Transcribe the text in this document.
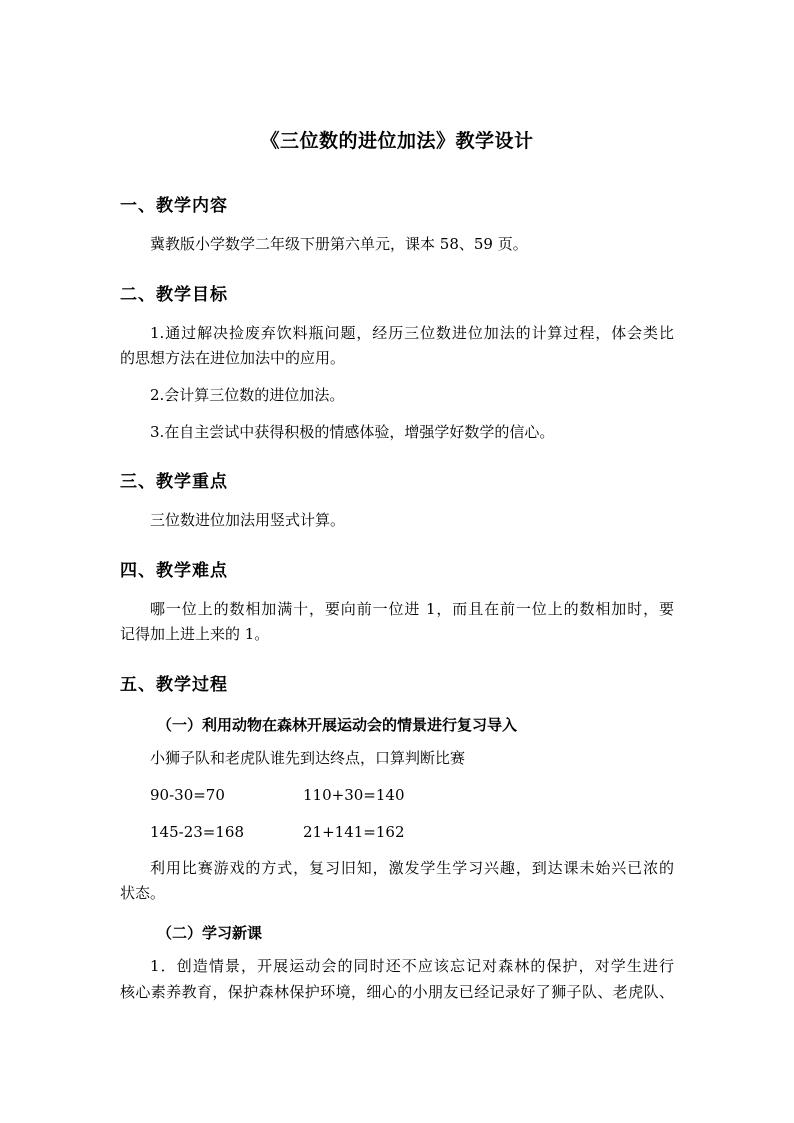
《三位数的进位加法》教学设计
一、教学内容
冀教版小学数学二年级下册第六单元，课本 58、59 页。
二、教学目标
1.通过解决捡废弃饮料瓶问题，经历三位数进位加法的计算过程，体会类比
的思想方法在进位加法中的应用。
2.会计算三位数的进位加法。
3.在自主尝试中获得积极的情感体验，增强学好数学的信心。
三、教学重点
三位数进位加法用竖式计算。
四、教学难点
哪一位上的数相加满十，要向前一位进 1，而且在前一位上的数相加时，要
记得加上进上来的 1。
五、教学过程
（一）利用动物在森林开展运动会的情景进行复习导入
小狮子队和老虎队谁先到达终点，口算判断比赛
90-30=70	110+30=140
145-23=168	21+141=162
利用比赛游戏的方式，复习旧知，激发学生学习兴趣，到达课未始兴已浓的
状态。
（二）学习新课
1．创造情景，开展运动会的同时还不应该忘记对森林的保护，对学生进行
核心素养教育，保护森林保护环境，细心的小朋友已经记录好了狮子队、老虎队、
